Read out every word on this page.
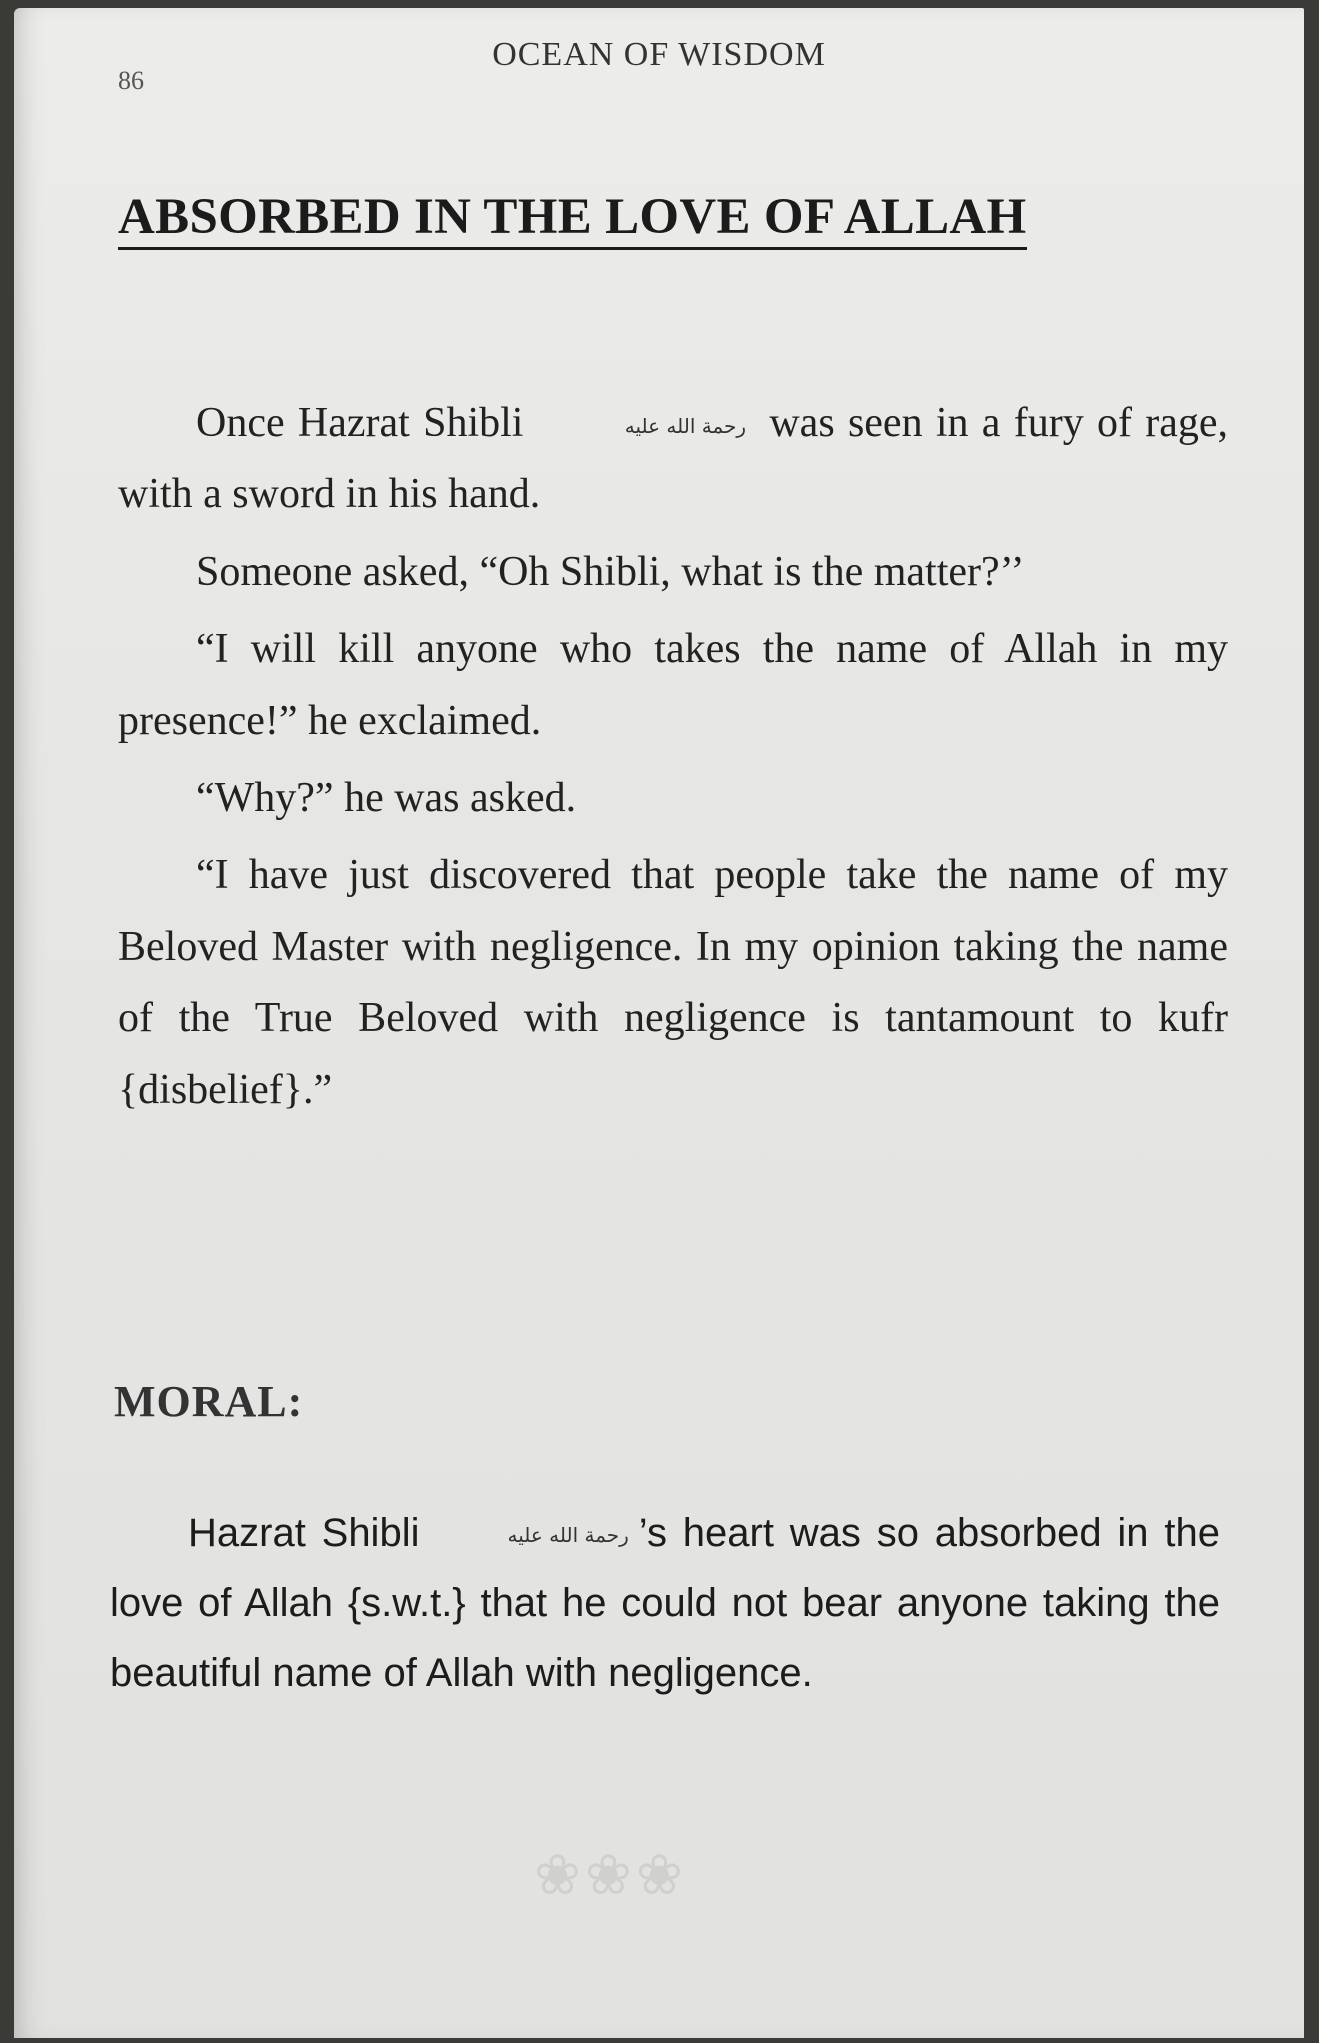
86
OCEAN OF WISDOM
ABSORBED IN THE LOVE OF ALLAH

Once Hazrat Shibli	رحمة الله عليه was seen in a fury of rage, with a sword in his hand.

Someone asked, “Oh Shibli, what is the matter?’’

“I will kill anyone who takes the name of Allah in my presence!” he exclaimed.

“Why?” he was asked.

“I have just discovered that people take the name of my Beloved Master with negligence. In my opinion taking the name of the True Beloved with negligence is tantamount to kufr {disbelief}.”

MORAL:

Hazrat Shibli	رحمة الله عليه ’s heart was so absorbed in the love of Allah {s.w.t.} that he could not bear anyone taking the beautiful name of Allah with negligence.

❀❀❀
